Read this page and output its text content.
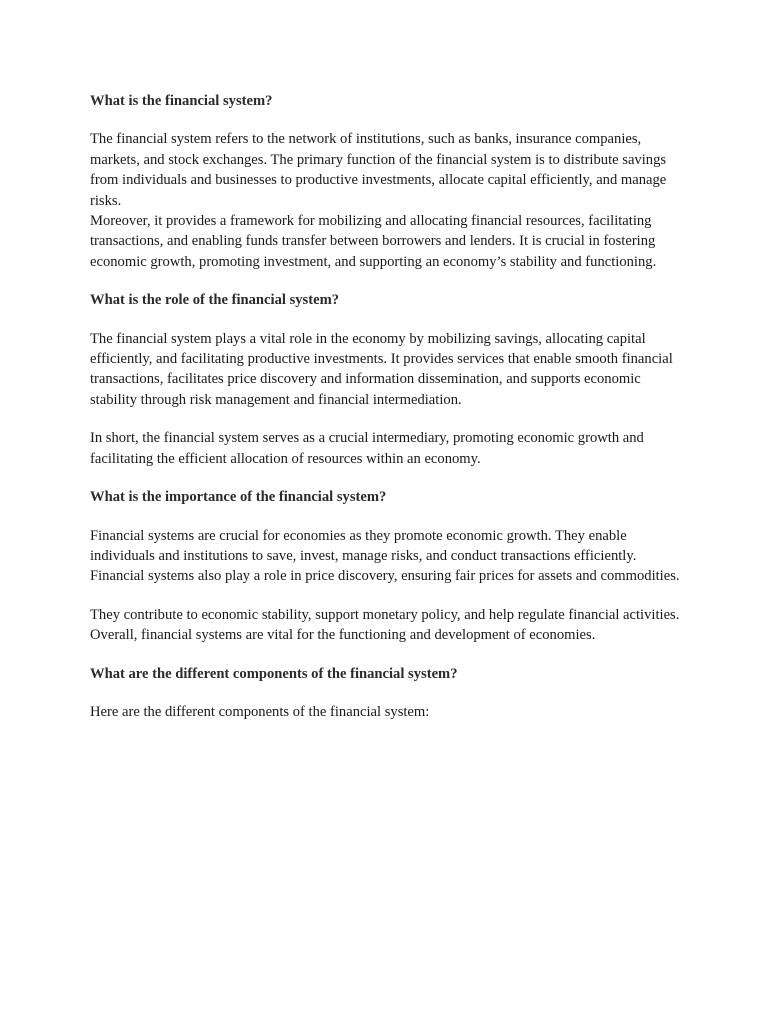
What is the financial system?

The financial system refers to the network of institutions, such as banks, insurance companies, markets, and stock exchanges. The primary function of the financial system is to distribute savings from individuals and businesses to productive investments, allocate capital efficiently, and manage risks.

Moreover, it provides a framework for mobilizing and allocating financial resources, facilitating transactions, and enabling funds transfer between borrowers and lenders. It is crucial in fostering economic growth, promoting investment, and supporting an economy’s stability and functioning.

What is the role of the financial system?

The financial system plays a vital role in the economy by mobilizing savings, allocating capital efficiently, and facilitating productive investments. It provides services that enable smooth financial transactions, facilitates price discovery and information dissemination, and supports economic stability through risk management and financial intermediation.

In short, the financial system serves as a crucial intermediary, promoting economic growth and facilitating the efficient allocation of resources within an economy.

What is the importance of the financial system?

Financial systems are crucial for economies as they promote economic growth. They enable individuals and institutions to save, invest, manage risks, and conduct transactions efficiently. Financial systems also play a role in price discovery, ensuring fair prices for assets and commodities.

They contribute to economic stability, support monetary policy, and help regulate financial activities. Overall, financial systems are vital for the functioning and development of economies.

What are the different components of the financial system?

Here are the different components of the financial system:
